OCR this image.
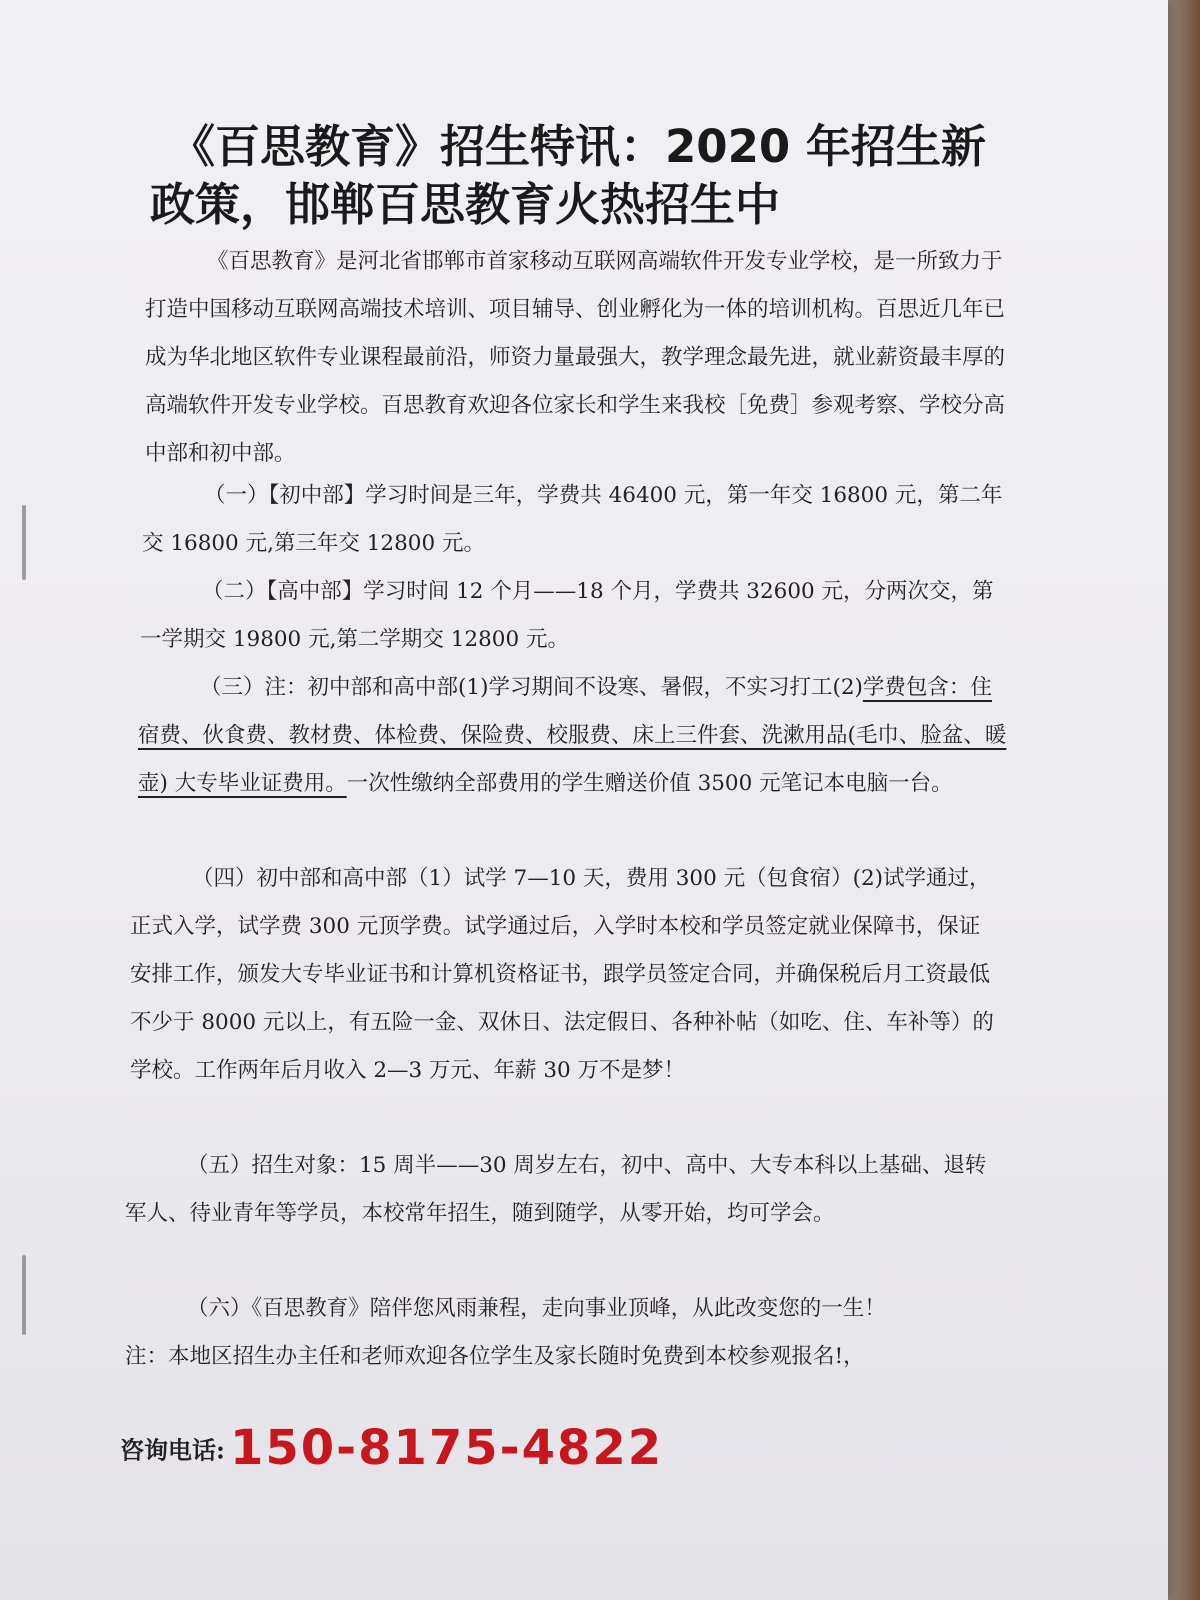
《百思教育》招生特讯：2020 年招生新
政策，邯郸百思教育火热招生中
《百思教育》是河北省邯郸市首家移动互联网高端软件开发专业学校，是一所致力于打造中国移动互联网高端技术培训、项目辅导、创业孵化为一体的培训机构。百思近几年已成为华北地区软件专业课程最前沿，师资力量最强大，教学理念最先进，就业薪资最丰厚的高端软件开发专业学校。百思教育欢迎各位家长和学生来我校［免费］参观考察、学校分高中部和初中部。
（一）【初中部】学习时间是三年，学费共 46400 元，第一年交 16800 元，第二年交 16800 元,第三年交 12800 元。
（二）【高中部】学习时间 12 个月——18 个月，学费共 32600 元，分两次交，第一学期交 19800 元,第二学期交 12800 元。
（三）注：初中部和高中部(1)学习期间不设寒、暑假，不实习打工(2)学费包含：住宿费、伙食费、教材费、体检费、保险费、校服费、床上三件套、洗漱用品(毛巾、脸盆、暖壶) 大专毕业证费用。一次性缴纳全部费用的学生赠送价值 3500 元笔记本电脑一台。
（四）初中部和高中部（1）试学 7—10 天，费用 300 元（包食宿）(2)试学通过，正式入学，试学费 300 元顶学费。试学通过后，入学时本校和学员签定就业保障书，保证安排工作，颁发大专毕业证书和计算机资格证书，跟学员签定合同，并确保税后月工资最低不少于 8000 元以上，有五险一金、双休日、法定假日、各种补帖（如吃、住、车补等）的学校。工作两年后月收入 2—3 万元、年薪 30 万不是梦！
（五）招生对象：15 周半——30 周岁左右，初中、高中、大专本科以上基础、退转军人、待业青年等学员，本校常年招生，随到随学，从零开始，均可学会。
（六）《百思教育》陪伴您风雨兼程，走向事业顶峰，从此改变您的一生！
注：本地区招生办主任和老师欢迎各位学生及家长随时免费到本校参观报名!，
咨询电话: 150-8175-4822
